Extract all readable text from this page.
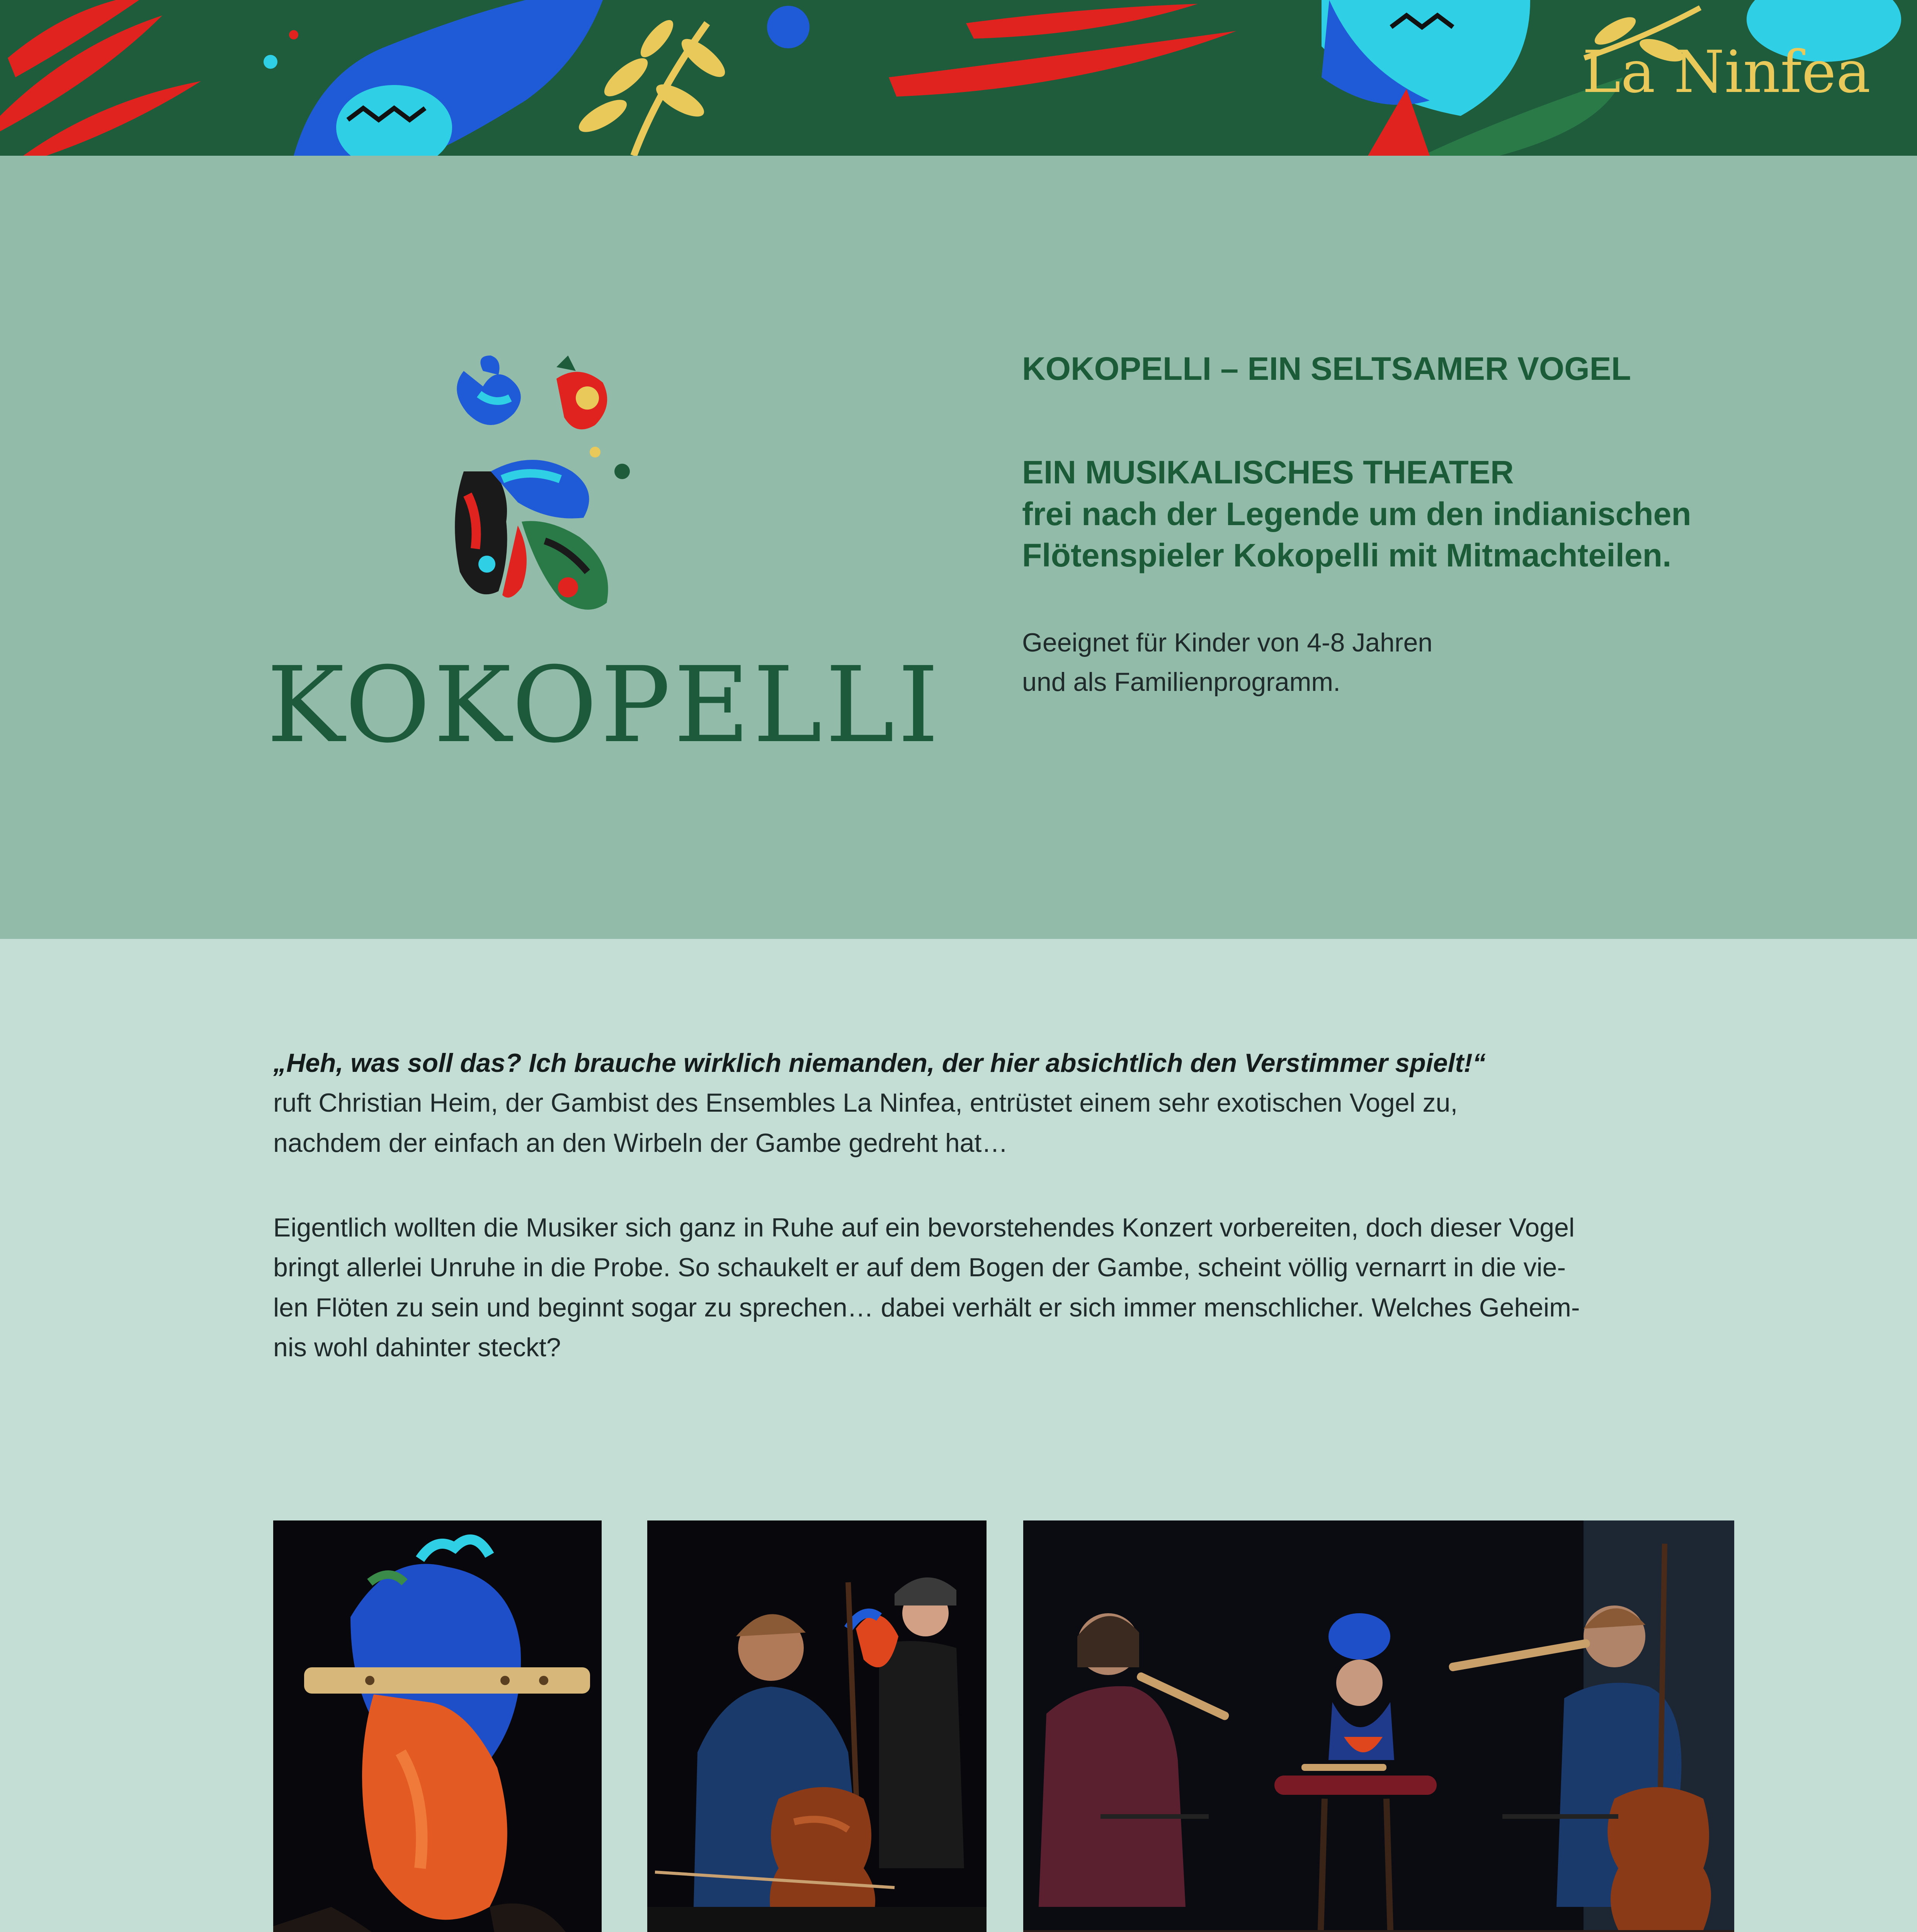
La Ninfea
KOKOPELLI
KOKOPELLI – EIN SELTSAMER VOGEL
EIN MUSIKALISCHES THEATER
frei nach der Legende um den indianischen
Flötenspieler Kokopelli mit Mitmachteilen.
Geeignet für Kinder von 4-8 Jahren
und als Familienprogramm.
„Heh, was soll das? Ich brauche wirklich niemanden, der hier absichtlich den Verstimmer spielt!“
ruft Christian Heim, der Gambist des Ensembles La Ninfea, entrüstet einem sehr exotischen Vogel zu,
nachdem der einfach an den Wirbeln der Gambe gedreht hat…
Eigentlich wollten die Musiker sich ganz in Ruhe auf ein bevorstehendes Konzert vorbereiten, doch dieser Vogel
bringt allerlei Unruhe in die Probe. So schaukelt er auf dem Bogen der Gambe, scheint völlig vernarrt in die vie-
len Flöten zu sein und beginnt sogar zu sprechen… dabei verhält er sich immer menschlicher. Welches Geheim-
nis wohl dahinter steckt?
